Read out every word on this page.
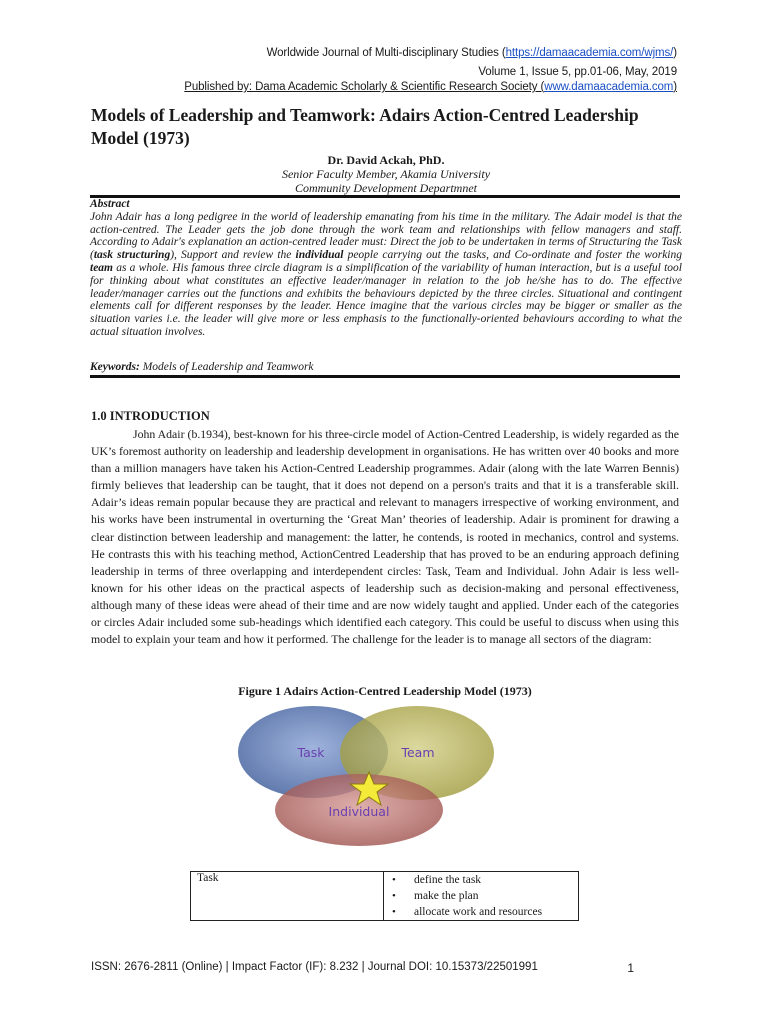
Worldwide Journal of Multi-disciplinary Studies (https://damaacademia.com/wjms/)
Volume 1, Issue 5, pp.01-06, May, 2019
Published by: Dama Academic Scholarly & Scientific Research Society (www.damaacademia.com)
Models of Leadership and Teamwork: Adairs Action-Centred Leadership Model (1973)
Dr. David Ackah, PhD.
Senior Faculty Member, Akamia University
Community Development Departmnet
Abstract
John Adair has a long pedigree in the world of leadership emanating from his time in the military. The Adair model is that the action-centred. The Leader gets the job done through the work team and relationships with fellow managers and staff. According to Adair's explanation an action-centred leader must: Direct the job to be undertaken in terms of Structuring the Task (task structuring), Support and review the individual people carrying out the tasks, and Co-ordinate and foster the working team as a whole. His famous three circle diagram is a simplification of the variability of human interaction, but is a useful tool for thinking about what constitutes an effective leader/manager in relation to the job he/she has to do. The effective leader/manager carries out the functions and exhibits the behaviours depicted by the three circles. Situational and contingent elements call for different responses by the leader. Hence imagine that the various circles may be bigger or smaller as the situation varies i.e. the leader will give more or less emphasis to the functionally-oriented behaviours according to what the actual situation involves.
Keywords: Models of Leadership and Teamwork
1.0 INTRODUCTION
John Adair (b.1934), best-known for his three-circle model of Action-Centred Leadership, is widely regarded as the UK’s foremost authority on leadership and leadership development in organisations. He has written over 40 books and more than a million managers have taken his Action-Centred Leadership programmes. Adair (along with the late Warren Bennis) firmly believes that leadership can be taught, that it does not depend on a person's traits and that it is a transferable skill. Adair’s ideas remain popular because they are practical and relevant to managers irrespective of working environment, and his works have been instrumental in overturning the ‘Great Man’ theories of leadership. Adair is prominent for drawing a clear distinction between leadership and management: the latter, he contends, is rooted in mechanics, control and systems. He contrasts this with his teaching method, ActionCentred Leadership that has proved to be an enduring approach defining leadership in terms of three overlapping and interdependent circles: Task, Team and Individual. John Adair is less well-known for his other ideas on the practical aspects of leadership such as decision-making and personal effectiveness, although many of these ideas were ahead of their time and are now widely taught and applied. Under each of the categories or circles Adair included some sub-headings which identified each category. This could be useful to discuss when using this model to explain your team and how it performed. The challenge for the leader is to manage all sectors of the diagram:
Figure 1 Adairs Action-Centred Leadership Model (1973)
Task	Team
Individual
Task	
•define the task
• make the plan
• allocate work and resources
ISSN: 2676-2811 (Online) | Impact Factor (IF): 8.232 | Journal DOI: 10.15373/22501991	1
